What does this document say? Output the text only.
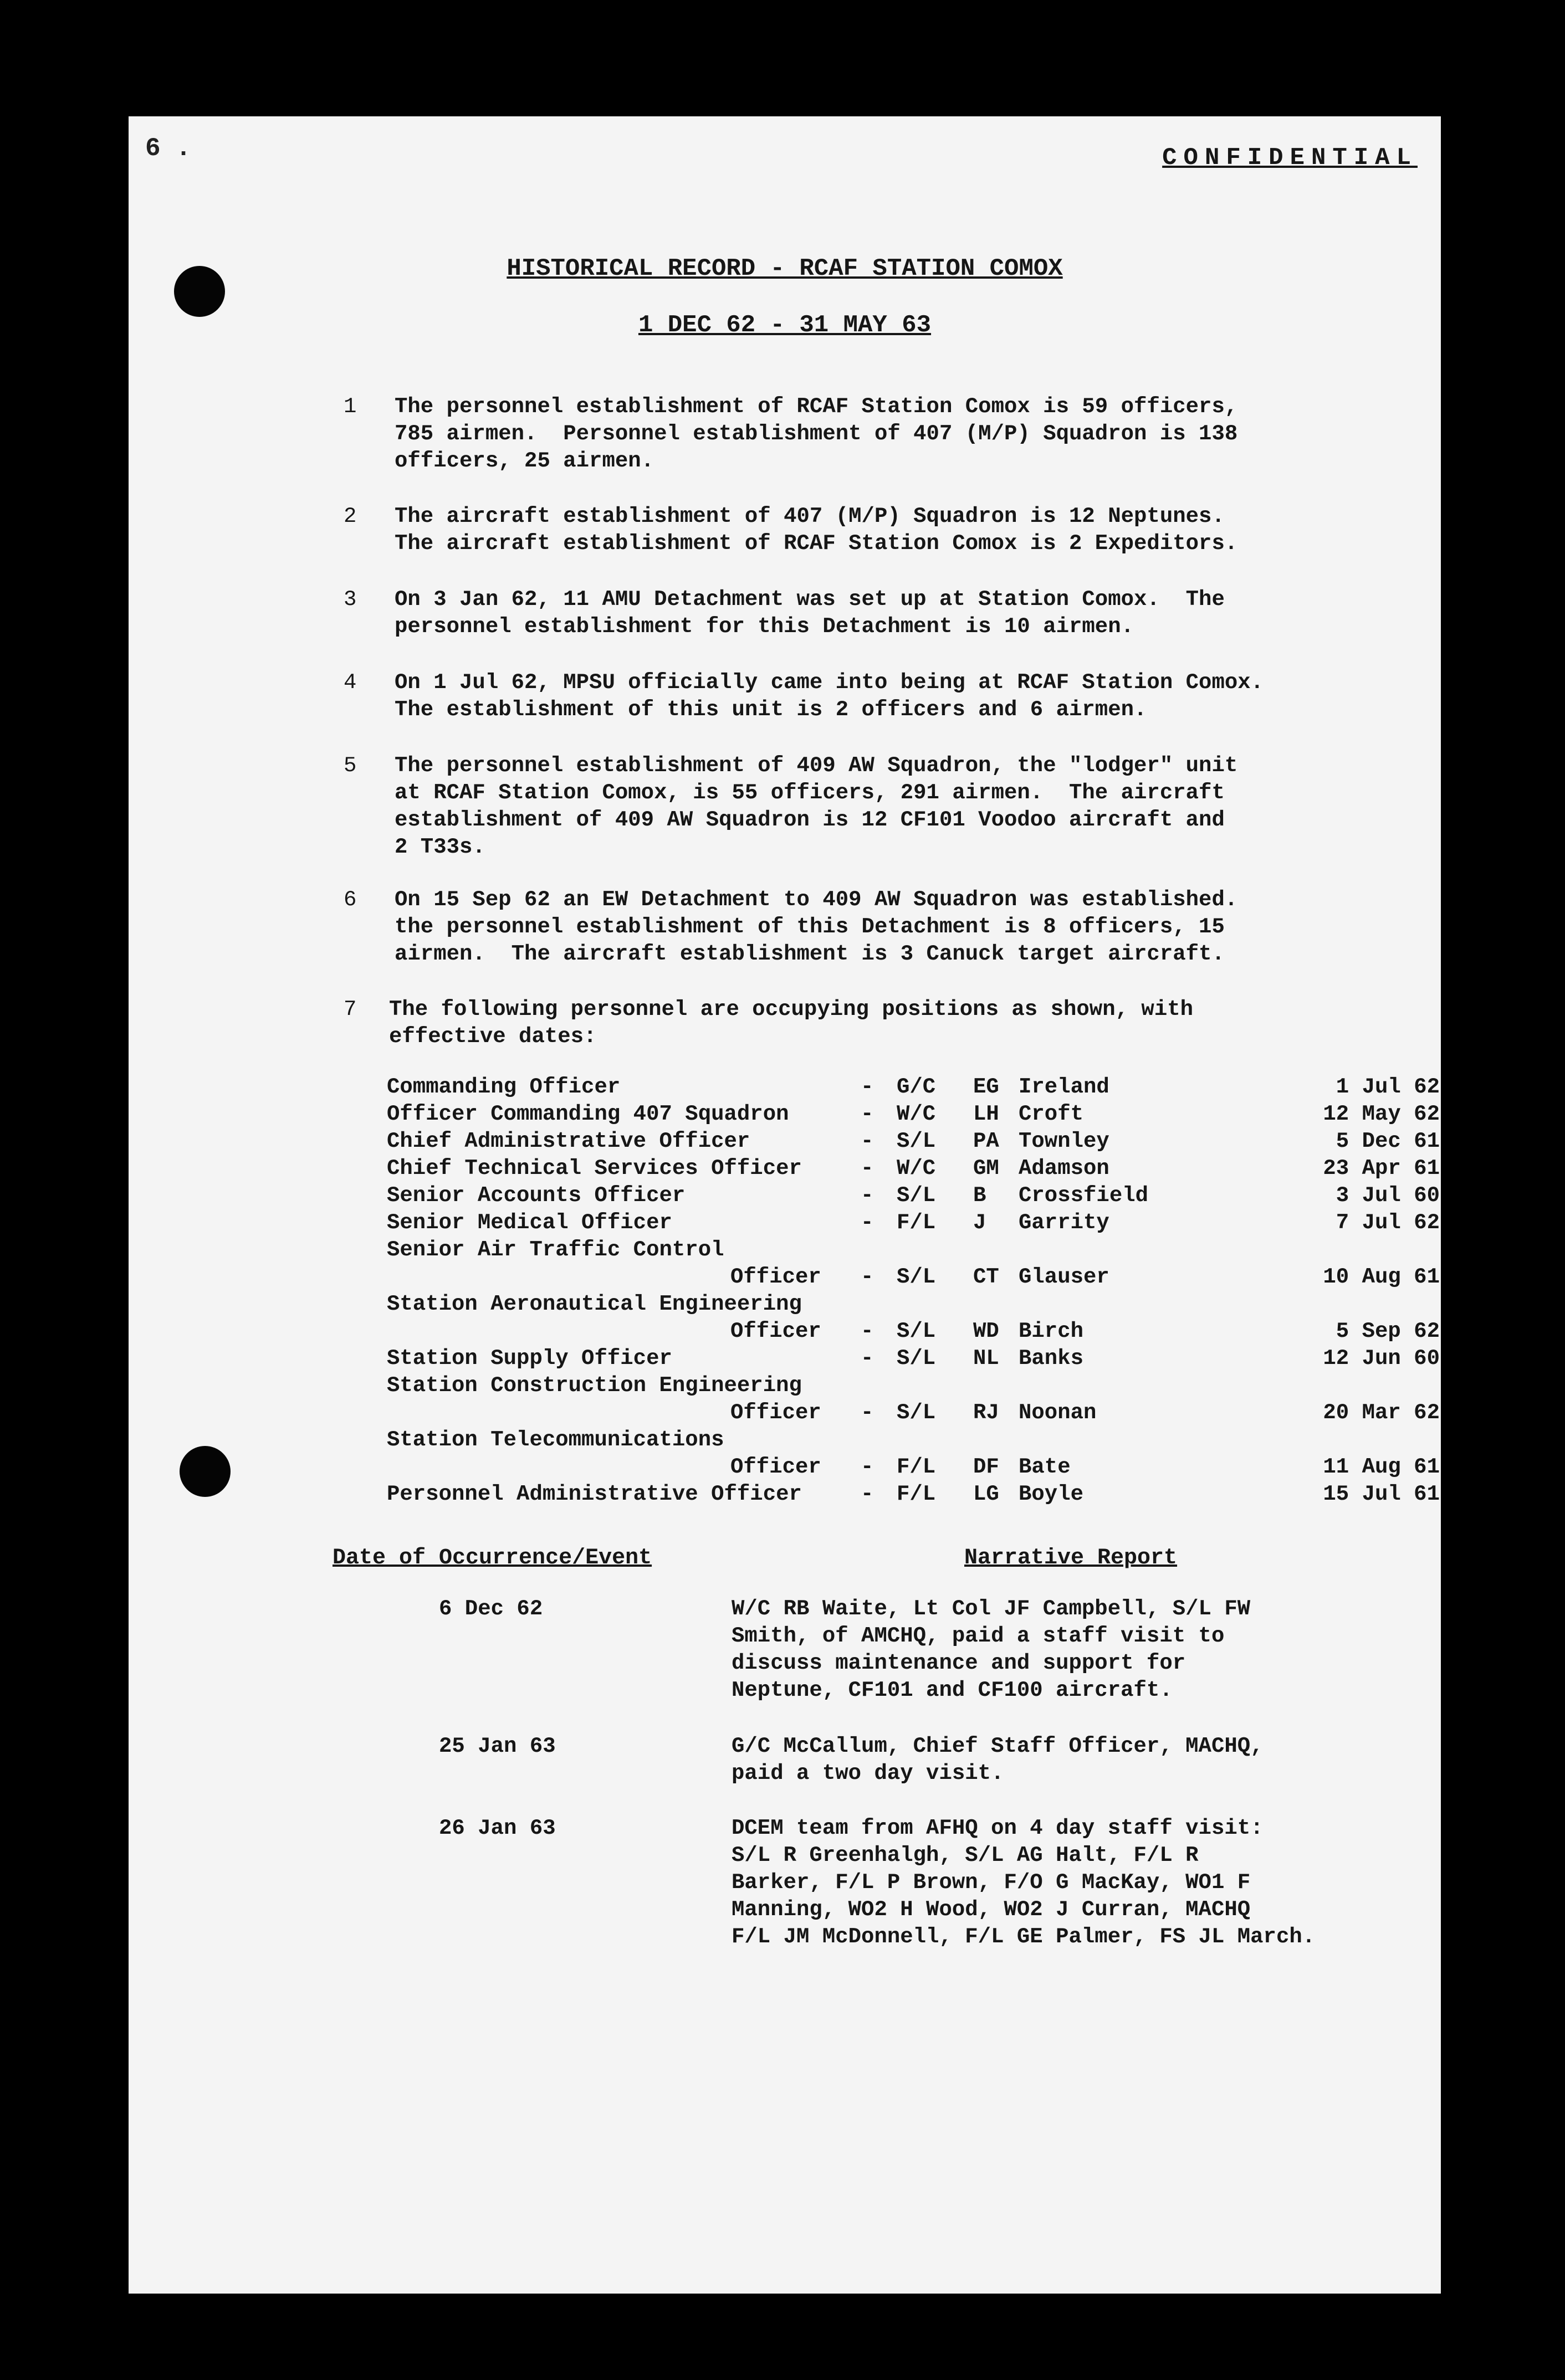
6 .	CONFIDENTIAL
HISTORICAL RECORD - RCAF STATION COMOX
1 DEC 62 - 31 MAY 63
1 The personnel establishment of RCAF Station Comox is 59 officers,
785 airmen.  Personnel establishment of 407 (M/P) Squadron is 138
officers, 25 airmen.
2 The aircraft establishment of 407 (M/P) Squadron is 12 Neptunes.
The aircraft establishment of RCAF Station Comox is 2 Expeditors.
3 On 3 Jan 62, 11 AMU Detachment was set up at Station Comox.  The
personnel establishment for this Detachment is 10 airmen.
4 On 1 Jul 62, MPSU officially came into being at RCAF Station Comox.
The establishment of this unit is 2 officers and 6 airmen.
5 The personnel establishment of 409 AW Squadron, the "lodger" unit
at RCAF Station Comox, is 55 officers, 291 airmen.  The aircraft
establishment of 409 AW Squadron is 12 CF101 Voodoo aircraft and
2 T33s.
6 On 15 Sep 62 an EW Detachment to 409 AW Squadron was established.
the personnel establishment of this Detachment is 8 officers, 15
airmen.  The aircraft establishment is 3 Canuck target aircraft.
7 The following personnel are occupying positions as shown, with
effective dates:

Commanding Officer	- G/C EG Ireland	1 Jul 62

Officer Commanding 407 Squadron	- W/C LH Croft	12 May 62

Chief Administrative Officer	- S/L PA Townley	5 Dec 61

Chief Technical Services Officer	- W/C GM Adamson	23 Apr 61

Senior Accounts Officer	- S/L B Crossfield	3 Jul 60

Senior Medical Officer	- F/L J Garrity	7 Jul 62

Senior Air Traffic Control

Officer - S/L CT Glauser	10 Aug 61

Station Aeronautical Engineering

Officer - S/L WD Birch	5 Sep 62

Station Supply Officer	- S/L NL Banks	12 Jun 60

Station Construction Engineering

Officer - S/L RJ Noonan	20 Mar 62

Station Telecommunications

Officer - F/L DF Bate	11 Aug 61

Personnel Administrative Officer	- F/L LG Boyle	15 Jul 61

Date of Occurrence/Event	Narrative Report
6 Dec 62	W/C RB Waite, Lt Col JF Campbell, S/L FW
Smith, of AMCHQ, paid a staff visit to
discuss maintenance and support for
Neptune, CF101 and CF100 aircraft.
25 Jan 63	G/C McCallum, Chief Staff Officer, MACHQ,
paid a two day visit.
26 Jan 63	DCEM team from AFHQ on 4 day staff visit:
S/L R Greenhalgh, S/L AG Halt, F/L R
Barker, F/L P Brown, F/O G MacKay, WO1 F
Manning, WO2 H Wood, WO2 J Curran, MACHQ
F/L JM McDonnell, F/L GE Palmer, FS JL March.
